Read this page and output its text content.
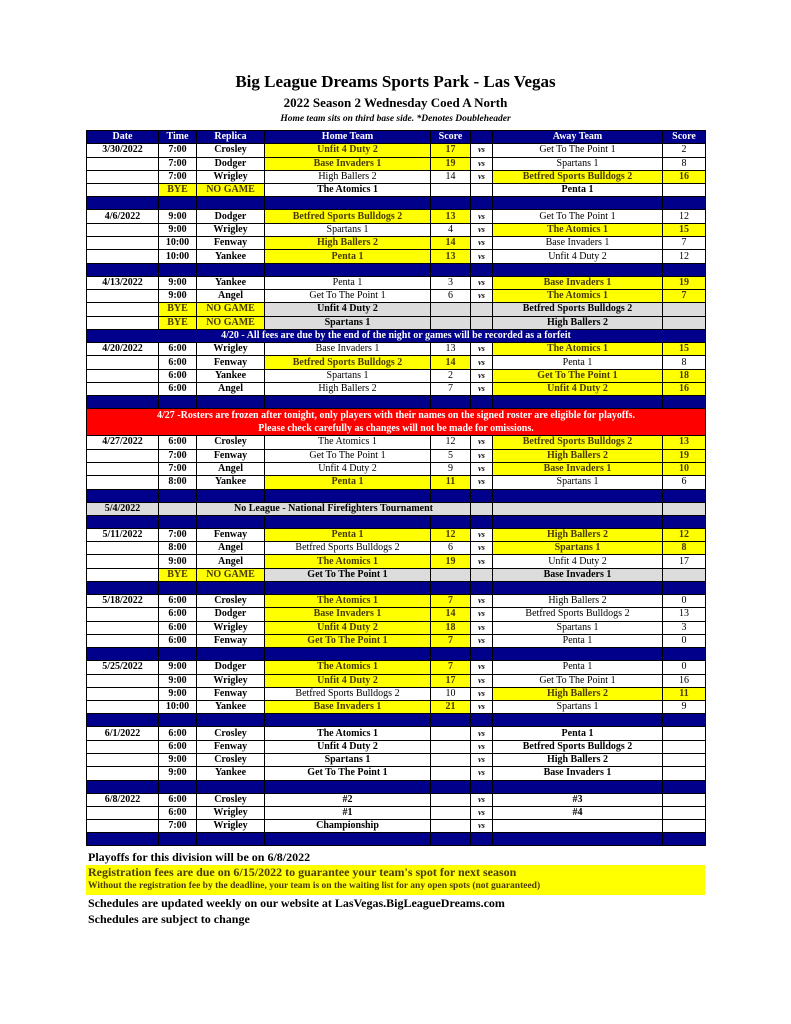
Big League Dreams Sports Park - Las Vegas
2022 Season 2 Wednesday Coed A North
Home team sits on third base side. *Denotes Doubleheader
Date	Time	Replica	Home Team	Score		Away Team	Score
3/30/2022	7:00	Crosley	Unfit 4 Duty 2	17	vs	Get To The Point 1	2
	7:00	Dodger	Base Invaders 1	19	vs	Spartans 1	8
	7:00	Wrigley	High Ballers 2	14	vs	Betfred Sports Bulldogs 2	16
	BYE	NO GAME	The Atomics 1			Penta 1	

4/6/2022	9:00	Dodger	Betfred Sports Bulldogs 2	13	vs	Get To The Point 1	12
	9:00	Wrigley	Spartans 1	4	vs	The Atomics 1	15
	10:00	Fenway	High Ballers 2	14	vs	Base Invaders 1	7
	10:00	Yankee	Penta 1	13	vs	Unfit 4 Duty 2	12

4/13/2022	9:00	Yankee	Penta 1	3	vs	Base Invaders 1	19
	9:00	Angel	Get To The Point 1	6	vs	The Atomics 1	7
	BYE	NO GAME	Unfit 4 Duty 2			Betfred Sports Bulldogs 2	
	BYE	NO GAME	Spartans 1			High Ballers 2	
4/20 - All fees are due by the end of the night or games will be recorded as a forfeit							
4/20/2022	6:00	Wrigley	Base Invaders 1	13	vs	The Atomics 1	15
	6:00	Fenway	Betfred Sports Bulldogs 2	14	vs	Penta 1	8
	6:00	Yankee	Spartans 1	2	vs	Get To The Point 1	18
	6:00	Angel	High Ballers 2	7	vs	Unfit 4 Duty 2	16

4/27 -Rosters are frozen after tonight, only players with their names on the signed roster are eligible for playoffs.
Please check carefully as changes will not be made for omissions.							

4/27/2022	6:00	Crosley	The Atomics 1	12	vs	Betfred Sports Bulldogs 2	13
	7:00	Fenway	Get To The Point 1	5	vs	High Ballers 2	19
	7:00	Angel	Unfit 4 Duty 2	9	vs	Base Invaders 1	10
	8:00	Yankee	Penta 1	11	vs	Spartans 1	6

5/4/2022		No League - National Firefighters Tournament					

5/11/2022	7:00	Fenway	Penta 1	12	vs	High Ballers 2	12
	8:00	Angel	Betfred Sports Bulldogs 2	6	vs	Spartans 1	8
	9:00	Angel	The Atomics 1	19	vs	Unfit 4 Duty 2	17
	BYE	NO GAME	Get To The Point 1			Base Invaders 1	

5/18/2022	6:00	Crosley	The Atomics 1	7	vs	High Ballers 2	0
	6:00	Dodger	Base Invaders 1	14	vs	Betfred Sports Bulldogs 2	13
	6:00	Wrigley	Unfit 4 Duty 2	18	vs	Spartans 1	3
	6:00	Fenway	Get To The Point 1	7	vs	Penta 1	0

5/25/2022	9:00	Dodger	The Atomics 1	7	vs	Penta 1	0
	9:00	Wrigley	Unfit 4 Duty 2	17	vs	Get To The Point 1	16
	9:00	Fenway	Betfred Sports Bulldogs 2	10	vs	High Ballers 2	11
	10:00	Yankee	Base Invaders 1	21	vs	Spartans 1	9

6/1/2022	6:00	Crosley	The Atomics 1		vs	Penta 1	
	6:00	Fenway	Unfit 4 Duty 2		vs	Betfred Sports Bulldogs 2	
	9:00	Crosley	Spartans 1		vs	High Ballers 2	
	9:00	Yankee	Get To The Point 1		vs	Base Invaders 1	

6/8/2022	6:00	Crosley	#2		vs	#3	
	6:00	Wrigley	#1		vs	#4	
	7:00	Wrigley	Championship		vs		

Playoffs for this division will be on 6/8/2022
Registration fees are due on 6/15/2022 to guarantee your team's spot for next season
Without the registration fee by the deadline, your team is on the waiting list for any open spots (not guaranteed)
Schedules are updated weekly on our website at LasVegas.BigLeagueDreams.com
Schedules are subject to change
